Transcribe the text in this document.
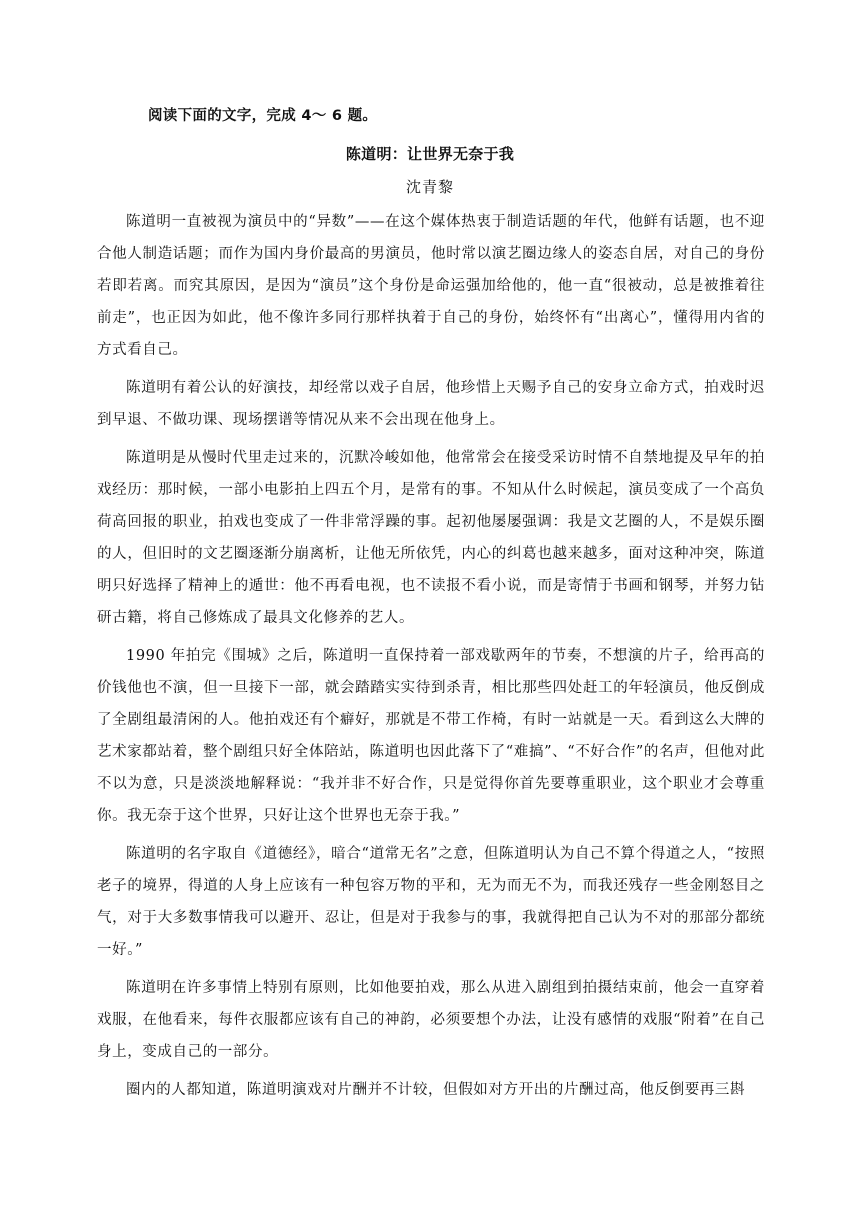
阅读下面的文字，完成 4～ 6 题。
陈道明：让世界无奈于我
沈青黎

陈道明一直被视为演员中的“异数”——在这个媒体热衷于制造话题的年代，他鲜有话题，也不迎合他人制造话题；而作为国内身价最高的男演员，他时常以演艺圈边缘人的姿态自居，对自己的身份若即若离。而究其原因，是因为“演员”这个身份是命运强加给他的，他一直“很被动，总是被推着往前走”，也正因为如此，他不像许多同行那样执着于自己的身份，始终怀有“出离心”，懂得用内省的方式看自己。

陈道明有着公认的好演技，却经常以戏子自居，他珍惜上天赐予自己的安身立命方式，拍戏时迟到早退、不做功课、现场摆谱等情况从来不会出现在他身上。

陈道明是从慢时代里走过来的，沉默冷峻如他，他常常会在接受采访时情不自禁地提及早年的拍戏经历：那时候，一部小电影拍上四五个月，是常有的事。不知从什么时候起，演员变成了一个高负荷高回报的职业，拍戏也变成了一件非常浮躁的事。起初他屡屡强调：我是文艺圈的人，不是娱乐圈的人，但旧时的文艺圈逐渐分崩离析，让他无所依凭，内心的纠葛也越来越多，面对这种冲突，陈道明只好选择了精神上的遁世：他不再看电视，也不读报不看小说，而是寄情于书画和钢琴，并努力钻研古籍，将自己修炼成了最具文化修养的艺人。

1990 年拍完《围城》之后，陈道明一直保持着一部戏歇两年的节奏，不想演的片子，给再高的价钱他也不演，但一旦接下一部，就会踏踏实实待到杀青，相比那些四处赶工的年轻演员，他反倒成了全剧组最清闲的人。他拍戏还有个癖好，那就是不带工作椅，有时一站就是一天。看到这么大牌的艺术家都站着，整个剧组只好全体陪站，陈道明也因此落下了“难搞”、“不好合作”的名声，但他对此不以为意，只是淡淡地解释说：“我并非不好合作，只是觉得你首先要尊重职业，这个职业才会尊重你。我无奈于这个世界，只好让这个世界也无奈于我。”

陈道明的名字取自《道德经》，暗合“道常无名”之意，但陈道明认为自己不算个得道之人，“按照老子的境界，得道的人身上应该有一种包容万物的平和，无为而无不为，而我还残存一些金刚怒目之气，对于大多数事情我可以避开、忍让，但是对于我参与的事，我就得把自己认为不对的那部分都统一好。”

陈道明在许多事情上特别有原则，比如他要拍戏，那么从进入剧组到拍摄结束前，他会一直穿着戏服，在他看来，每件衣服都应该有自己的神韵，必须要想个办法，让没有感情的戏服“附着”在自己身上，变成自己的一部分。

圈内的人都知道，陈道明演戏对片酬并不计较，但假如对方开出的片酬过高，他反倒要再三斟
